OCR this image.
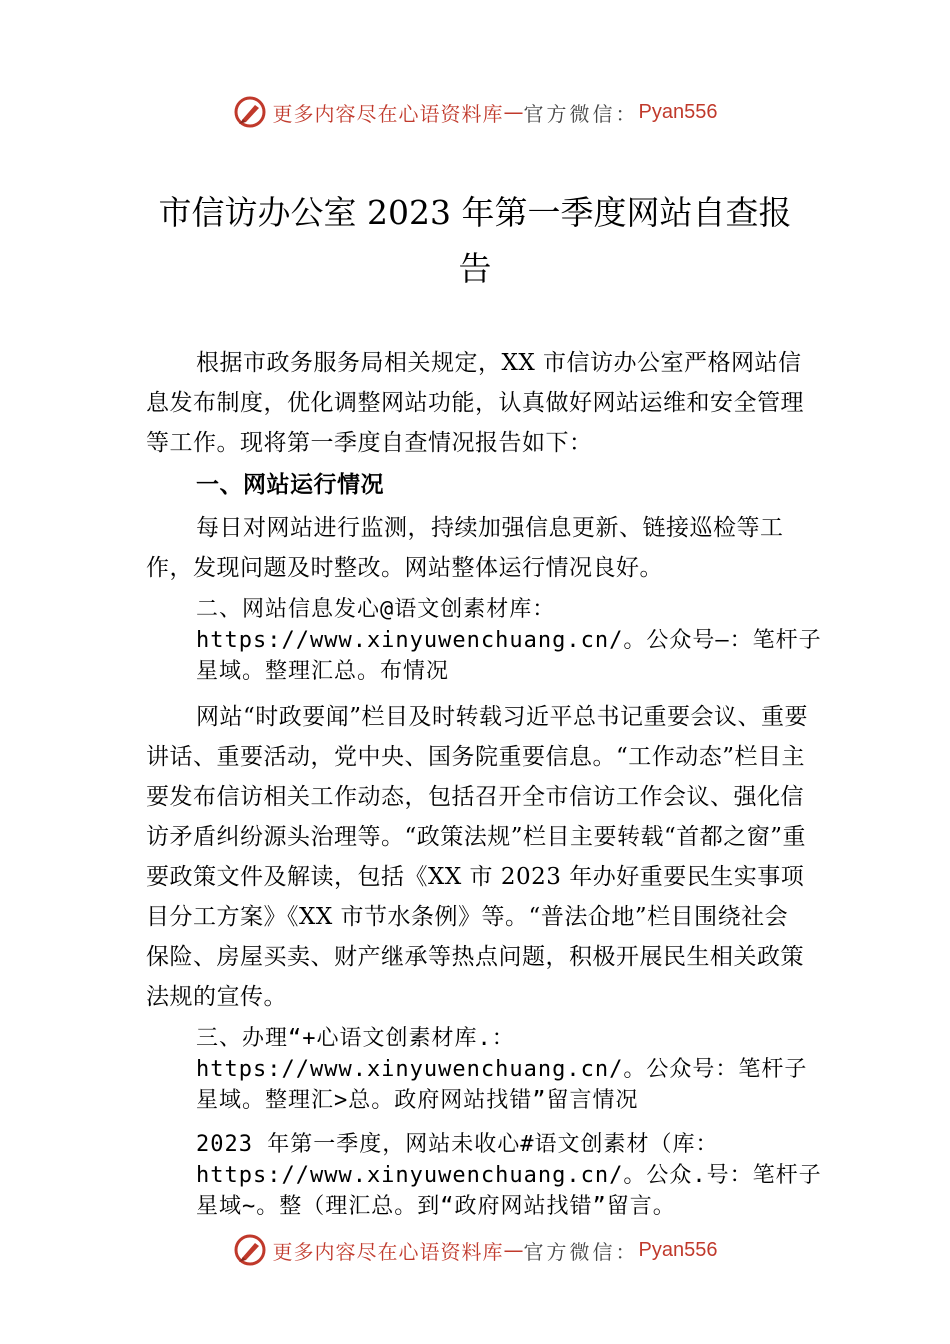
更多内容尽在心语资料库 — 官方微信： Pyan556
市信访办公室 2023 年第一季度网站自查报
告

根据市政务服务局相关规定，XX 市信访办公室严格网站信息发布制度，优化调整网站功能，认真做好网站运维和安全管理等工作。现将第一季度自查情况报告如下：

一、网站运行情况

每日对网站进行监测，持续加强信息更新、链接巡检等工作，发现问题及时整改。网站整体运行情况良好。

二、网站信息发心@语文创素材库：https://www.xinyuwenchuang.cn/。公众号—：笔杆子星域。整理汇总。布情况

网站“时政要闻”栏目及时转载习近平总书记重要会议、重要讲话、重要活动，党中央、国务院重要信息。“工作动态”栏目主要发布信访相关工作动态，包括召开全市信访工作会议、强化信访矛盾纠纷源头治理等。“政策法规”栏目主要转载“首都之窗”重要政策文件及解读，包括《XX 市 2023 年办好重要民生实事项目分工方案》《XX 市节水条例》等。“普法仚地”栏目围绕社会保险、房屋买卖、财产继承等热点问题，积极开展民生相关政策法规的宣传。

三、办理“+心语文创素材库.：https://www.xinyuwenchuang.cn/。公众号：笔杆子星域。整理汇>总。政府网站找错”留言情况

2023 年第一季度，网站未收心#语文创素材（库：https://www.xinyuwenchuang.cn/。公众.号：笔杆子星域~。整（理汇总。到“政府网站找错”留言。

更多内容尽在心语资料库 — 官方微信： Pyan556
